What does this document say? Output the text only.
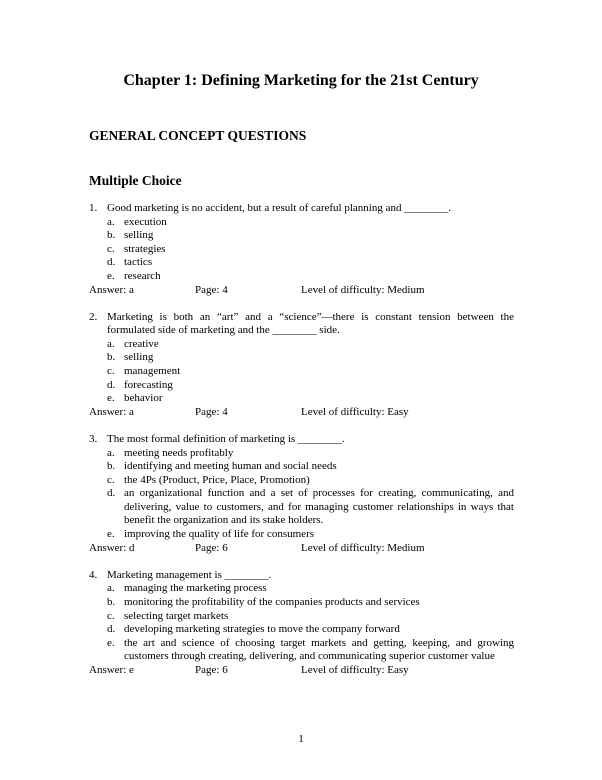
Chapter 1: Defining Marketing for the 21st Century
GENERAL CONCEPT QUESTIONS
Multiple Choice
1. Good marketing is no accident, but a result of careful planning and ________.
a. execution
b. selling
c. strategies
d. tactics
e. research
Answer: a	Page: 4	Level of difficulty: Medium
2. Marketing is both an “art” and a “science”—there is constant tension between the formulated side of marketing and the ________ side.
a. creative
b. selling
c. management
d. forecasting
e. behavior
Answer: a	Page: 4	Level of difficulty: Easy
3. The most formal definition of marketing is ________.
a. meeting needs profitably
b. identifying and meeting human and social needs
c. the 4Ps (Product, Price, Place, Promotion)
d. an organizational function and a set of processes for creating, communicating, and delivering, value to customers, and for managing customer relationships in ways that benefit the organization and its stake holders.
e. improving the quality of life for consumers
Answer: d	Page: 6	Level of difficulty: Medium
4. Marketing management is ________.
a. managing the marketing process
b. monitoring the profitability of the companies products and services
c. selecting target markets
d. developing marketing strategies to move the company forward
e. the art and science of choosing target markets and getting, keeping, and growing customers through creating, delivering, and communicating superior customer value
Answer: e	Page: 6	Level of difficulty: Easy
1
